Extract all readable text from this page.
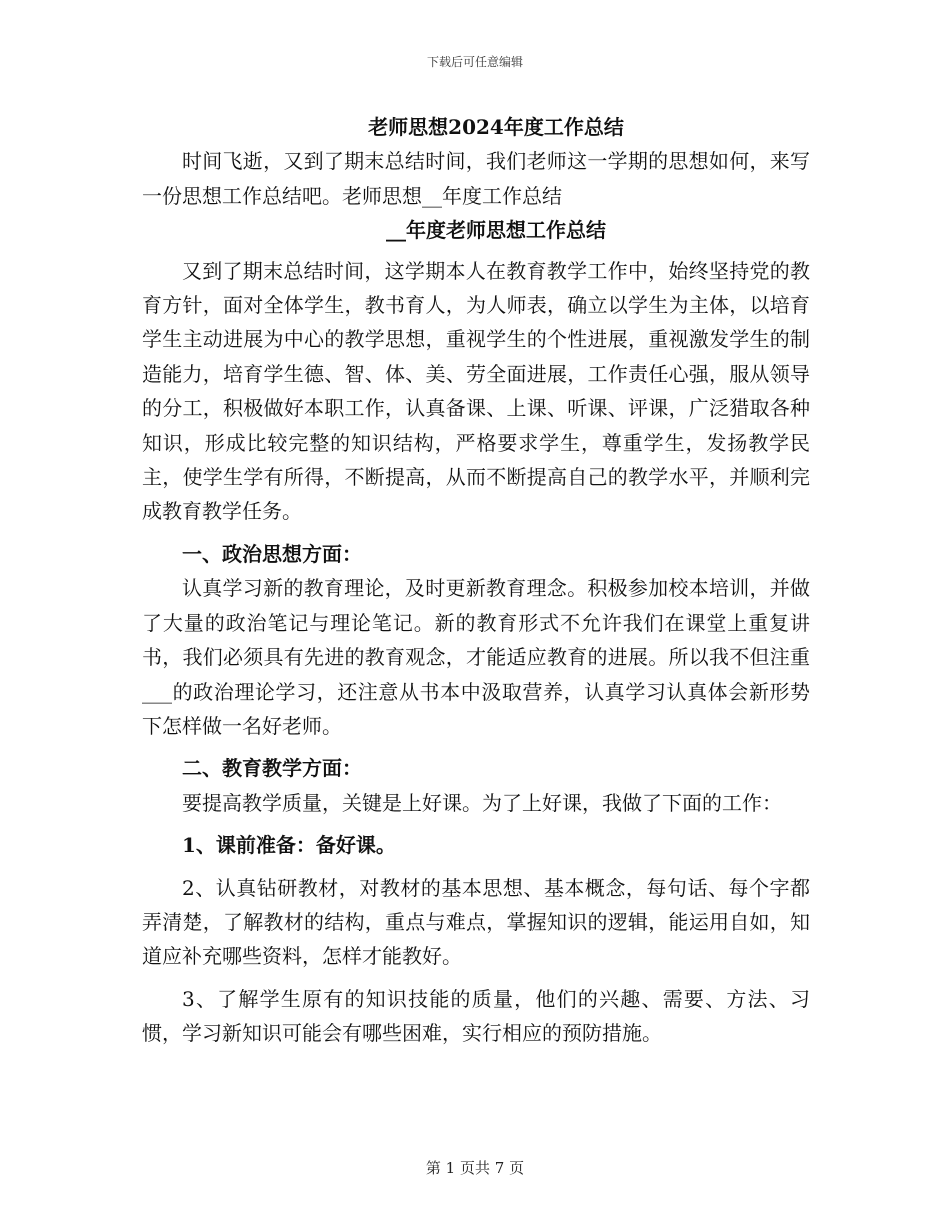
下载后可任意编辑

老师思想2024年度工作总结

时间飞逝，又到了期末总结时间，我们老师这一学期的思想如何，来写一份思想工作总结吧。老师思想__年度工作总结

__年度老师思想工作总结

又到了期末总结时间，这学期本人在教育教学工作中，始终坚持党的教育方针，面对全体学生，教书育人，为人师表，确立以学生为主体，以培育学生主动进展为中心的教学思想，重视学生的个性进展，重视激发学生的制造能力，培育学生德、智、体、美、劳全面进展，工作责任心强，服从领导的分工，积极做好本职工作，认真备课、上课、听课、评课，广泛猎取各种知识，形成比较完整的知识结构，严格要求学生，尊重学生，发扬教学民主，使学生学有所得，不断提高，从而不断提高自己的教学水平，并顺利完成教育教学任务。

一、政治思想方面：

认真学习新的教育理论，及时更新教育理念。积极参加校本培训，并做了大量的政治笔记与理论笔记。新的教育形式不允许我们在课堂上重复讲书，我们必须具有先进的教育观念，才能适应教育的进展。所以我不但注重___的政治理论学习，还注意从书本中汲取营养，认真学习认真体会新形势下怎样做一名好老师。

二、教育教学方面：

要提高教学质量，关键是上好课。为了上好课，我做了下面的工作：

1、课前准备：备好课。

2、认真钻研教材，对教材的基本思想、基本概念，每句话、每个字都弄清楚，了解教材的结构，重点与难点，掌握知识的逻辑，能运用自如，知道应补充哪些资料，怎样才能教好。

3、了解学生原有的知识技能的质量，他们的兴趣、需要、方法、习惯，学习新知识可能会有哪些困难，实行相应的预防措施。

第 1 页共 7 页
